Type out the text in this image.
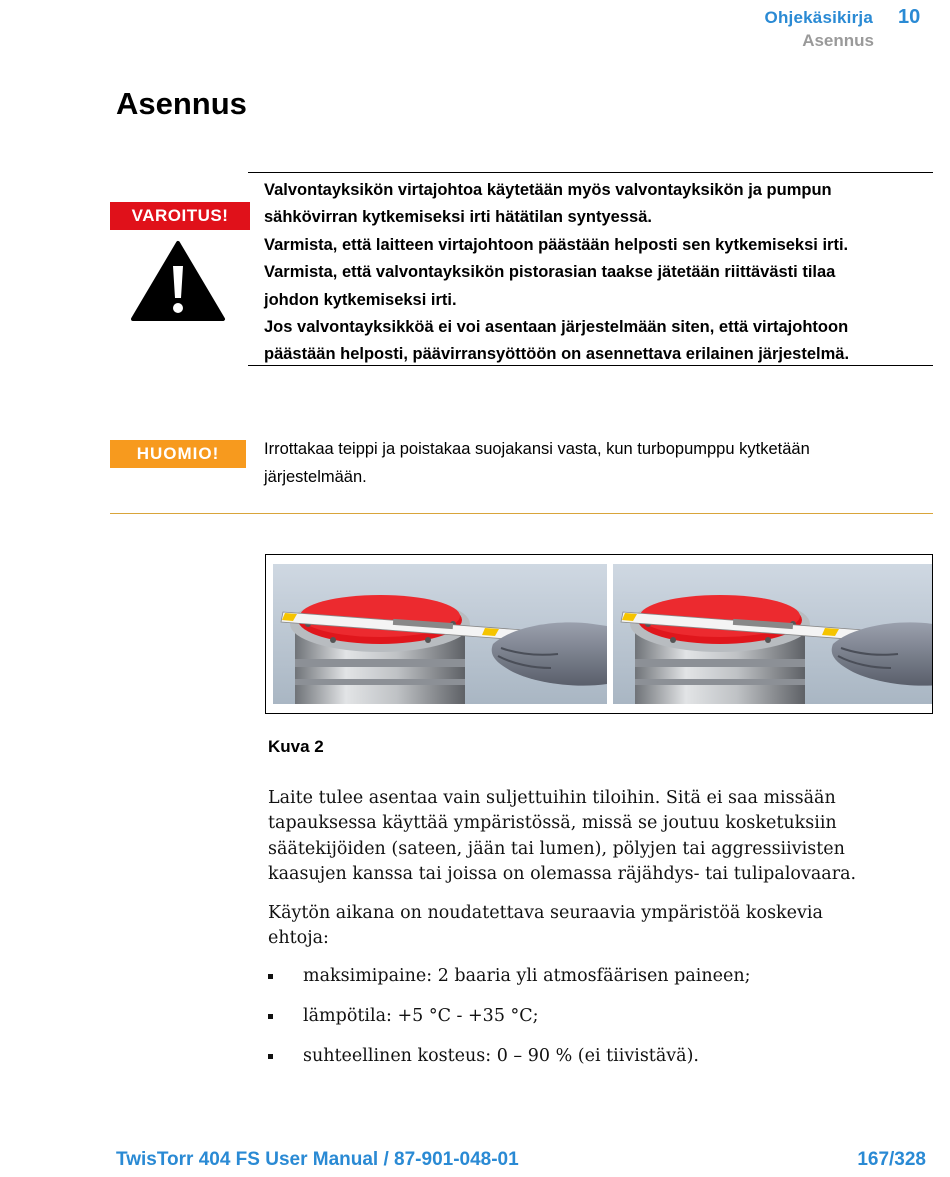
Ohjekäsikirja 10
Asennus
Asennus
VAROITUS!

Valvontayksikön virtajohtoa käytetään myös valvontayksikön ja pumpun

sähkövirran kytkemiseksi irti hätätilan syntyessä.

Varmista, että laitteen virtajohtoon päästään helposti sen kytkemiseksi irti.

Varmista, että valvontayksikön pistorasian taakse jätetään riittävästi tilaa

johdon kytkemiseksi irti.

Jos valvontayksikköä ei voi asentaan järjestelmään siten, että virtajohtoon

päästään helposti, päävirransyöttöön on asennettava erilainen järjestelmä.

HUOMIO!	Irrottakaa teippi ja poistakaa suojakansi vasta, kun turbopumppu kytketään
järjestelmään.
Kuva 2

Laite tulee asentaa vain suljettuihin tiloihin. Sitä ei saa missään

tapauksessa käyttää ympäristössä, missä se joutuu kosketuksiin

säätekijöiden (sateen, jään tai lumen), pölyjen tai aggressiivisten

kaasujen kanssa tai joissa on olemassa räjähdys- tai tulipalovaara.

Käytön aikana on noudatettava seuraavia ympäristöä koskevia

ehtoja:

maksimipaine: 2 baaria yli atmosfäärisen paineen;
lämpötila: +5 °C - +35 °C;
suhteellinen kosteus: 0 – 90 % (ei tiivistävä).
TwisTorr 404 FS User Manual / 87-901-048-01	167/328
